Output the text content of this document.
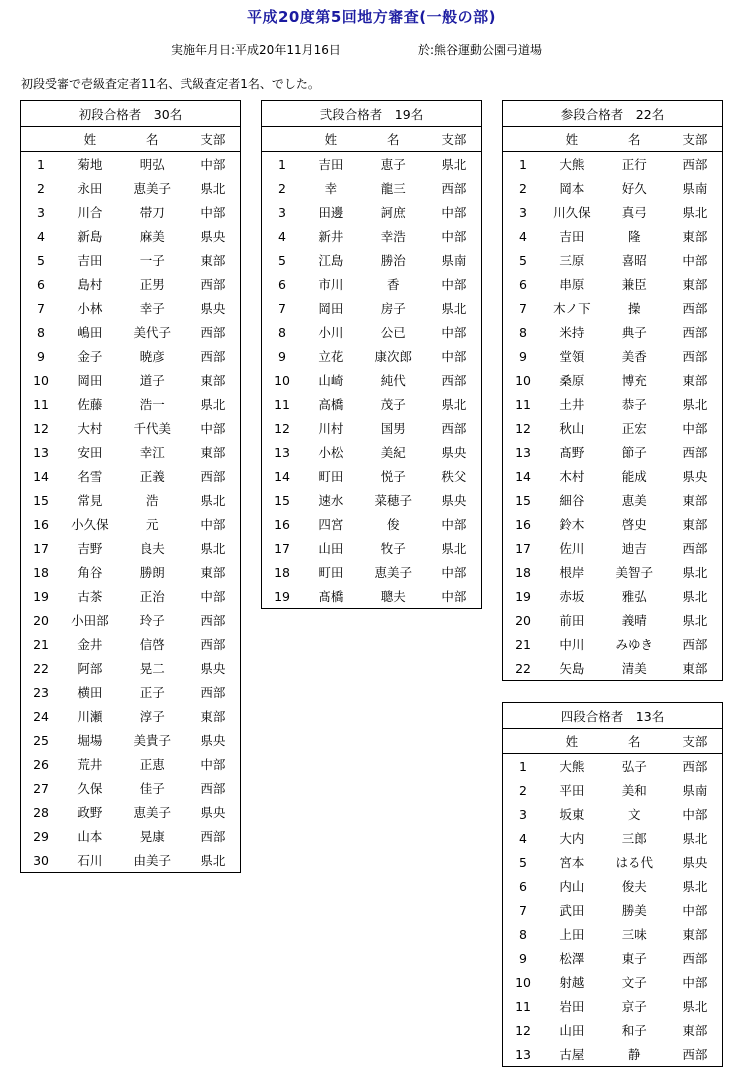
平成20度第5回地方審査(一般の部)
実施年月日:平成20年11月16日	於:熊谷運動公園弓道場
初段受審で壱級査定者11名、弐級査定者1名、でした。
初段合格者　30名			
	姓	名	支部
1	菊地	明弘	中部
2	永田	恵美子	県北
3	川合	帯刀	中部
4	新島	麻美	県央
5	吉田	一子	東部
6	島村	正男	西部
7	小林	幸子	県央
8	嶋田	美代子	西部
9	金子	暁彦	西部
10	岡田	道子	東部
11	佐藤	浩一	県北
12	大村	千代美	中部
13	安田	幸江	東部
14	名雪	正義	西部
15	常見	浩	県北
16	小久保	元	中部
17	吉野	良夫	県北
18	角谷	勝朗	東部
19	古茶	正治	中部
20	小田部	玲子	西部
21	金井	信啓	西部
22	阿部	晃二	県央
23	横田	正子	西部
24	川瀬	淳子	東部
25	堀場	美貴子	県央
26	荒井	正恵	中部
27	久保	佳子	西部
28	政野	恵美子	県央
29	山本	晃康	西部
30	石川	由美子	県北
弐段合格者　19名			
	姓	名	支部
1	吉田	恵子	県北
2	幸	龍三	西部
3	田邊	訶庶	中部
4	新井	幸浩	中部
5	江島	勝治	県南
6	市川	香	中部
7	岡田	房子	県北
8	小川	公已	中部
9	立花	康次郎	中部
10	山崎	純代	西部
11	高橋	茂子	県北
12	川村	国男	西部
13	小松	美紀	県央
14	町田	悦子	秩父
15	速水	菜穂子	県央
16	四宮	俊	中部
17	山田	牧子	県北
18	町田	恵美子	中部
19	髙橋	聰夫	中部
参段合格者　22名			
	姓	名	支部
1	大熊	正行	西部
2	岡本	好久	県南
3	川久保	真弓	県北
4	吉田	隆	東部
5	三原	喜昭	中部
6	串原	兼臣	東部
7	木ノ下	操	西部
8	米持	典子	西部
9	堂領	美香	西部
10	桑原	博充	東部
11	土井	恭子	県北
12	秋山	正宏	中部
13	髙野	節子	西部
14	木村	能成	県央
15	細谷	恵美	東部
16	鈴木	啓史	東部
17	佐川	迪吉	西部
18	根岸	美智子	県北
19	赤坂	雅弘	県北
20	前田	義晴	県北
21	中川	みゆき	西部
22	矢島	清美	東部
四段合格者　13名			
	姓	名	支部
1	大熊	弘子	西部
2	平田	美和	県南
3	坂東	文	中部
4	大内	三郎	県北
5	宮本	はる代	県央
6	内山	俊夫	県北
7	武田	勝美	中部
8	上田	三味	東部
9	松澤	東子	西部
10	射越	文子	中部
11	岩田	京子	県北
12	山田	和子	東部
13	古屋	静	西部
